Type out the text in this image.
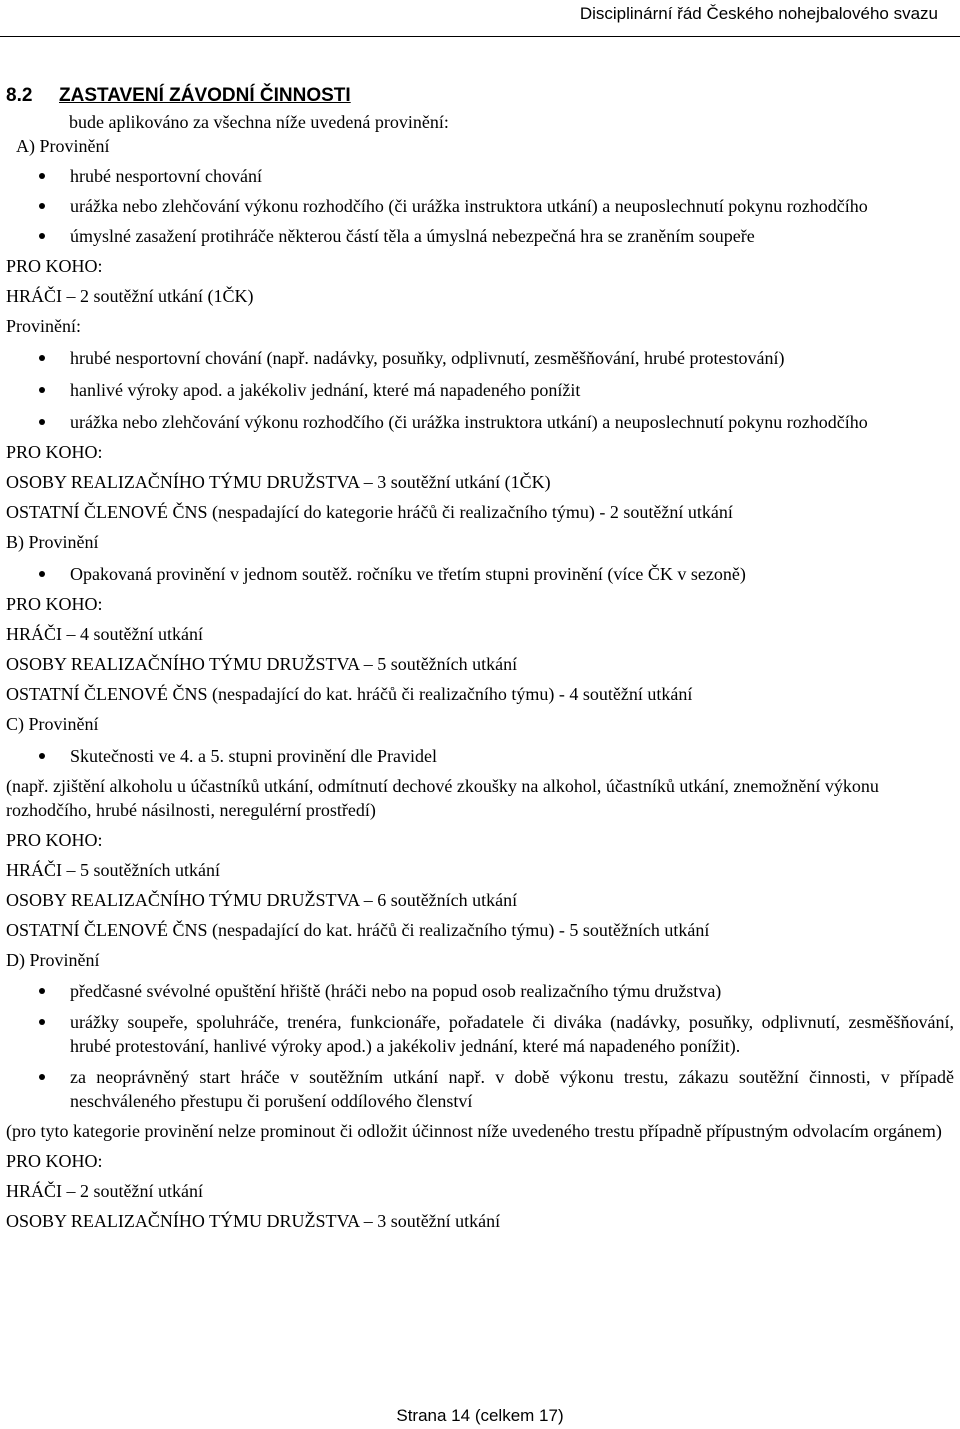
Disciplinární řád Českého nohejbalového svazu
8.2	ZASTAVENÍ ZÁVODNÍ ČINNOSTI

bude aplikováno za všechna níže uvedená provinění:

A) Provinění

hrubé nesportovní chování
urážka nebo zlehčování výkonu rozhodčího (či urážka instruktora utkání) a neuposlechnutí pokynu rozhodčího
úmyslné zasažení protihráče některou částí těla a úmyslná nebezpečná hra se zraněním soupeře

PRO KOHO:

HRÁČI – 2 soutěžní utkání (1ČK)

Provinění:

hrubé nesportovní chování (např. nadávky, posuňky, odplivnutí, zesměšňování, hrubé protestování)
hanlivé výroky apod. a jakékoliv jednání, které má napadeného ponížit
urážka nebo zlehčování výkonu rozhodčího (či urážka instruktora utkání) a neuposlechnutí pokynu rozhodčího

PRO KOHO:

OSOBY REALIZAČNÍHO TÝMU DRUŽSTVA – 3 soutěžní utkání (1ČK)

OSTATNÍ ČLENOVÉ ČNS (nespadající do kategorie hráčů či realizačního týmu) - 2 soutěžní utkání

B) Provinění

Opakovaná provinění v jednom soutěž. ročníku ve třetím stupni provinění (více ČK v sezoně)

PRO KOHO:

HRÁČI – 4 soutěžní utkání

OSOBY REALIZAČNÍHO TÝMU DRUŽSTVA – 5 soutěžních utkání

OSTATNÍ ČLENOVÉ ČNS (nespadající do kat. hráčů či realizačního týmu) - 4 soutěžní utkání

C) Provinění

Skutečnosti ve 4. a 5. stupni provinění dle Pravidel

(např. zjištění alkoholu u účastníků utkání, odmítnutí dechové zkoušky na alkohol, účastníků utkání, znemožnění výkonu rozhodčího, hrubé násilnosti, neregulérní prostředí)

PRO KOHO:

HRÁČI – 5 soutěžních utkání

OSOBY REALIZAČNÍHO TÝMU DRUŽSTVA – 6 soutěžních utkání

OSTATNÍ ČLENOVÉ ČNS (nespadající do kat. hráčů či realizačního týmu) - 5 soutěžních utkání

D) Provinění

předčasné svévolné opuštění hřiště (hráči nebo na popud osob realizačního týmu družstva)
urážky soupeře, spoluhráče, trenéra, funkcionáře, pořadatele či diváka (nadávky, posuňky, odplivnutí, zesměšňování, hrubé protestování, hanlivé výroky apod.) a jakékoliv jednání, které má napadeného ponížit).
za neoprávněný start hráče v soutěžním utkání např. v době výkonu trestu, zákazu soutěžní činnosti, v případě neschváleného přestupu či porušení oddílového členství

(pro tyto kategorie provinění nelze prominout či odložit účinnost níže uvedeného trestu případně přípustným odvolacím orgánem)

PRO KOHO:

HRÁČI – 2 soutěžní utkání

OSOBY REALIZAČNÍHO TÝMU DRUŽSTVA – 3 soutěžní utkání

Strana 14 (celkem 17)
